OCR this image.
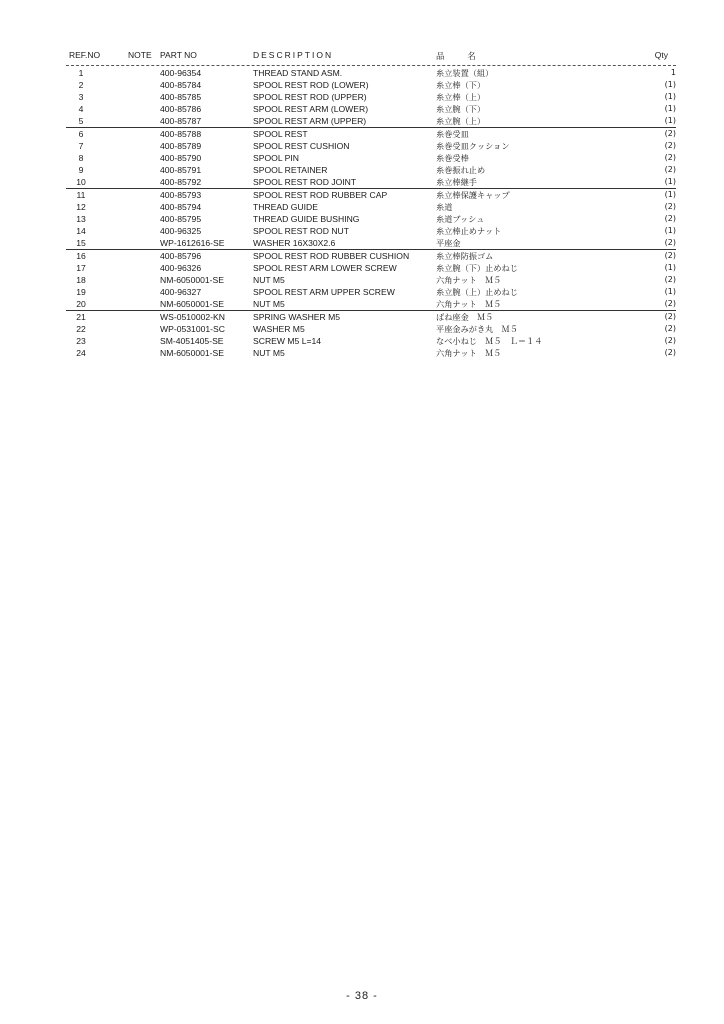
REF.NO	NOTE PART NO	DESCRIPTION	品 名	Qty
1	400-96354	THREAD STAND ASM.	糸立装置（組）	1
2	400-85784	SPOOL REST ROD (LOWER)	糸立棒（下）	(1)
3	400-85785	SPOOL REST ROD (UPPER)	糸立棒（上）	(1)
4	400-85786	SPOOL REST ARM (LOWER)	糸立腕（下）	(1)
5	400-85787	SPOOL REST ARM (UPPER)	糸立腕（上）	(1)
6	400-85788	SPOOL REST	糸巻受皿	(2)
7	400-85789	SPOOL REST CUSHION	糸巻受皿クッション	(2)
8	400-85790	SPOOL PIN	糸巻受棒	(2)
9	400-85791	SPOOL RETAINER	糸巻振れ止め	(2)
10	400-85792	SPOOL REST ROD JOINT	糸立棒継手	(1)
11	400-85793	SPOOL REST ROD RUBBER CAP	糸立棒保護キャップ	(1)
12	400-85794	THREAD GUIDE	糸道	(2)
13	400-85795	THREAD GUIDE BUSHING	糸道ブッシュ	(2)
14	400-96325	SPOOL REST ROD NUT	糸立棒止めナット	(1)
15	WP-1612616-SE	WASHER 16X30X2.6	平座金	(2)
16	400-85796	SPOOL REST ROD RUBBER CUSHION	糸立棒防振ゴム	(2)
17	400-96326	SPOOL REST ARM LOWER SCREW	糸立腕（下）止めねじ	(1)
18	NM-6050001-SE	NUT M5	六角ナット　Ｍ５	(2)
19	400-96327	SPOOL REST ARM UPPER SCREW	糸立腕（上）止めねじ	(1)
20	NM-6050001-SE	NUT M5	六角ナット　Ｍ５	(2)
21	WS-0510002-KN	SPRING WASHER M5	ばね座金　Ｍ５	(2)
22	WP-0531001-SC	WASHER M5	平座金みがき丸　Ｍ５	(2)
23	SM-4051405-SE	SCREW M5 L=14	なべ小ねじ　Ｍ５　Ｌ＝１４	(2)
24	NM-6050001-SE	NUT M5	六角ナット　Ｍ５	(2)
- 38 -
